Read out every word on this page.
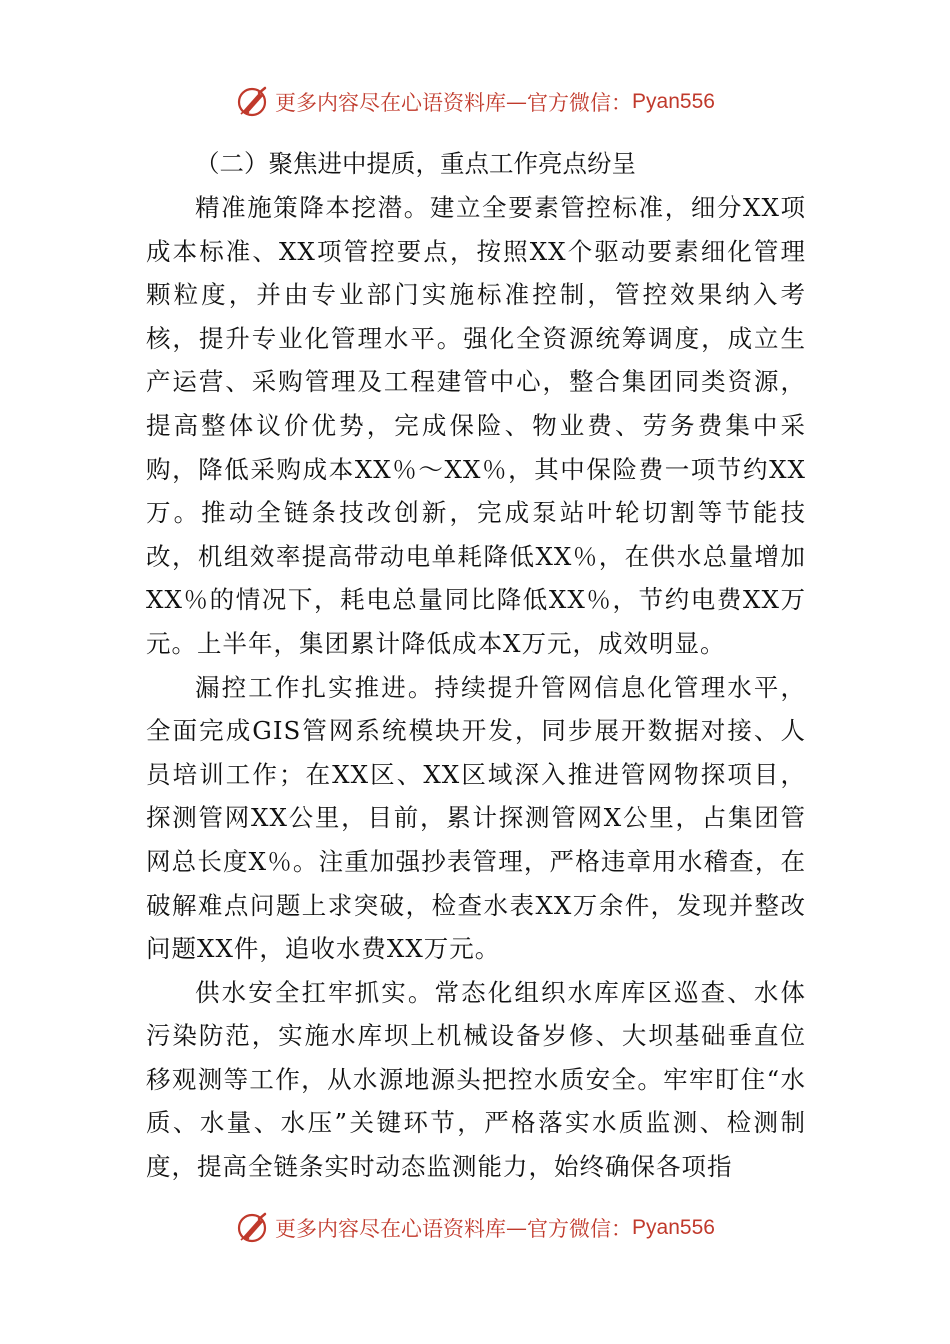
更多内容尽在心语资料库 — 官方微信： Pyan556
（二）聚焦进中提质，重点工作亮点纷呈

精准施策降本挖潜。建立全要素管控标准，细分XX项成本标准、XX项管控要点，按照XX个驱动要素细化管理颗粒度，并由专业部门实施标准控制，管控效果纳入考核，提升专业化管理水平。强化全资源统筹调度，成立生产运营、采购管理及工程建管中心，整合集团同类资源，提高整体议价优势，完成保险、物业费、劳务费集中采购，降低采购成本XX％～XX％，其中保险费一项节约XX万。推动全链条技改创新，完成泵站叶轮切割等节能技改，机组效率提高带动电单耗降低XX％，在供水总量增加XX％的情况下，耗电总量同比降低XX％，节约电费XX万元。上半年，集团累计降低成本X万元，成效明显。

漏控工作扎实推进。持续提升管网信息化管理水平，全面完成GIS管网系统模块开发，同步展开数据对接、人员培训工作；在XX区、XX区域深入推进管网物探项目，探测管网XX公里，目前，累计探测管网X公里，占集团管网总长度X％。注重加强抄表管理，严格违章用水稽查，在破解难点问题上求突破，检查水表XX万余件，发现并整改问题XX件，追收水费XX万元。

供水安全扛牢抓实。常态化组织水库库区巡查、水体污染防范，实施水库坝上机械设备岁修、大坝基础垂直位移观测等工作，从水源地源头把控水质安全。牢牢盯住“水质、水量、水压”关键环节，严格落实水质监测、检测制度，提高全链条实时动态监测能力，始终确保各项指

更多内容尽在心语资料库 — 官方微信： Pyan556
